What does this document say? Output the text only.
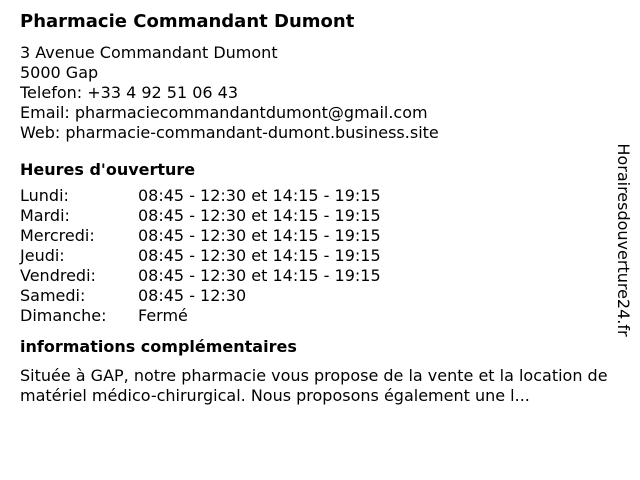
Pharmacie Commandant Dumont
3 Avenue Commandant Dumont
5000 Gap
Telefon: +33 4 92 51 06 43
Email: pharmaciecommandantdumont@gmail.com
Web: pharmacie-commandant-dumont.business.site
Heures d'ouverture
Lundi:	08:45 - 12:30 et 14:15 - 19:15
Mardi:	08:45 - 12:30 et 14:15 - 19:15
Mercredi:	08:45 - 12:30 et 14:15 - 19:15
Jeudi:	08:45 - 12:30 et 14:15 - 19:15
Vendredi:	08:45 - 12:30 et 14:15 - 19:15
Samedi:	08:45 - 12:30
Dimanche:	Fermé
informations complémentaires
Située à GAP, notre pharmacie vous propose de la vente et la location de matériel médico-chirurgical. Nous proposons également une l...
Horairesdouverture24.fr
